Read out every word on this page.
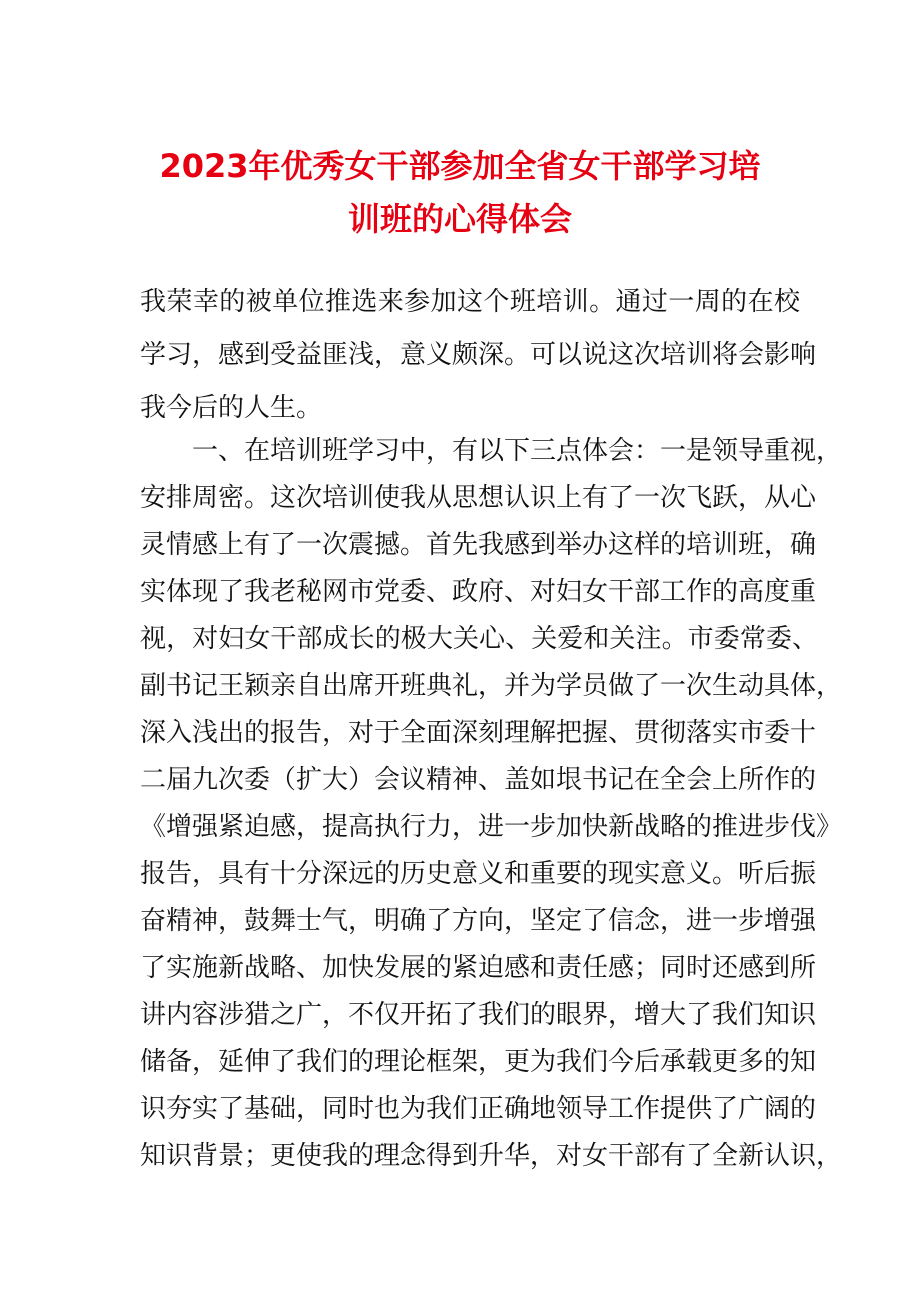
2023年优秀女干部参加全省女干部学习培
训班的心得体会
我荣幸的被单位推选来参加这个班培训。通过一周的在校
学习，感到受益匪浅，意义颇深。可以说这次培训将会影响
我今后的人生。
一、在培训班学习中，有以下三点体会：一是领导重视，
安排周密。这次培训使我从思想认识上有了一次飞跃，从心
灵情感上有了一次震撼。首先我感到举办这样的培训班，确
实体现了我老秘网市党委、政府、对妇女干部工作的高度重
视，对妇女干部成长的极大关心、关爱和关注。市委常委、
副书记王颖亲自出席开班典礼，并为学员做了一次生动具体，
深入浅出的报告，对于全面深刻理解把握、贯彻落实市委十
二届九次委（扩大）会议精神、盖如垠书记在全会上所作的
《增强紧迫感，提高执行力，进一步加快新战略的推进步伐》
报告，具有十分深远的历史意义和重要的现实意义。听后振
奋精神，鼓舞士气，明确了方向，坚定了信念，进一步增强
了实施新战略、加快发展的紧迫感和责任感；同时还感到所
讲内容涉猎之广，不仅开拓了我们的眼界，增大了我们知识
储备，延伸了我们的理论框架，更为我们今后承载更多的知
识夯实了基础，同时也为我们正确地领导工作提供了广阔的
知识背景；更使我的理念得到升华，对女干部有了全新认识，
